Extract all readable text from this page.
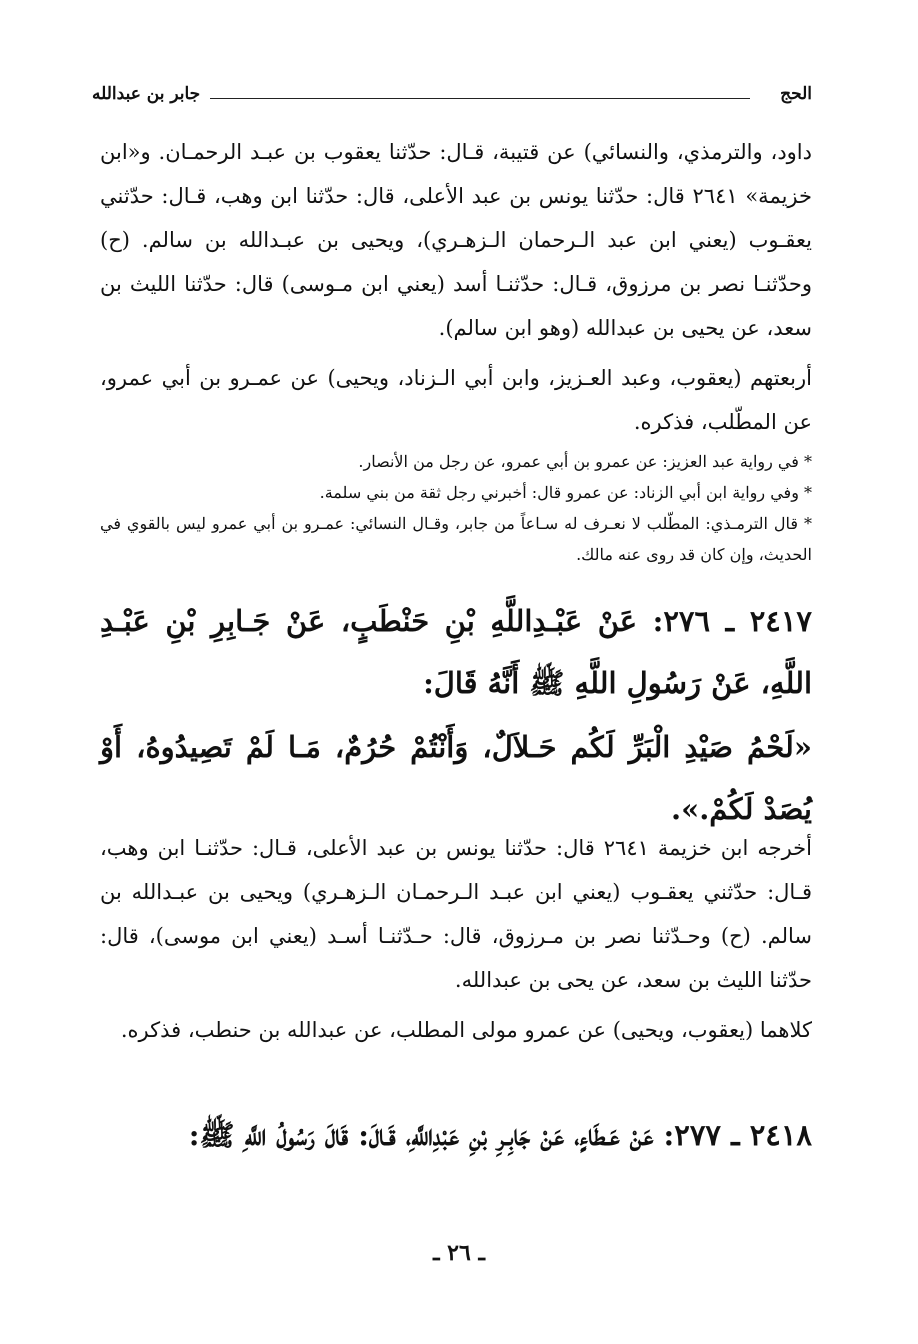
الحج
جابر بن عبدالله
داود، والترمذي، والنسائي) عن قتيبة، قـال: حدّثنا يعقوب بن عبـد الرحمـان. و«ابن خزيمة» ٢٦٤١ قال: حدّثنا يونس بن عبد الأعلى، قال: حدّثنا ابن وهب، قـال: حدّثني يعقـوب (يعني ابن عبد الـرحمان الـزهـري)، ويحيى بن عبـدالله بن سالم. (ح) وحدّثنـا نصر بن مرزوق، قـال: حدّثنـا أسد (يعني ابن مـوسى) قال: حدّثنا الليث بن سعد، عن يحيى بن عبدالله (وهو ابن سالم).
أربعتهم (يعقوب، وعبد العـزيز، وابن أبي الـزناد، ويحيى) عن عمـرو بن أبي عمرو، عن المطّلب، فذكره.
* في رواية عبد العزيز: عن عمرو بن أبي عمرو، عن رجل من الأنصار.
* وفي رواية ابن أبي الزناد: عن عمرو قال: أخبرني رجل ثقة من بني سلمة.
* قال الترمـذي: المطّلب لا نعـرف له سـاعاً من جابر، وقـال النسائي: عمـرو بن أبي عمرو ليس بالقوي في الحديث، وإن كان قد روى عنه مالك.
٢٤١٧ ـ ٢٧٦: عَنْ عَبْـدِاللَّهِ بْنِ حَنْطَبٍ، عَنْ جَـابِرِ بْنِ عَبْـدِ اللَّهِ، عَنْ رَسُولِ اللَّهِ ﷺ أَنَّهُ قَالَ:
«لَحْمُ صَيْدِ الْبَرِّ لَكُم حَـلاَلٌ، وَأَنْتُمْ حُرُمٌ، مَـا لَمْ تَصِيدُوهُ، أَوْ يُصَدْ لَكُمْ.».
أخرجه ابن خزيمة ٢٦٤١ قال: حدّثنا يونس بن عبد الأعلى، قـال: حدّثنـا ابن وهب، قـال: حدّثني يعقـوب (يعني ابن عبـد الـرحمـان الـزهـري) ويحيى بن عبـدالله بن سالم. (ح) وحـدّثنا نصر بن مـرزوق، قال: حـدّثنـا أسـد (يعني ابن موسى)، قال: حدّثنا الليث بن سعد، عن يحى بن عبدالله.
كلاهما (يعقوب، ويحيى) عن عمرو مولى المطلب، عن عبدالله بن حنطب، فذكره.
٢٤١٨ ـ ٢٧٧: عَنْ عَـطَاءٍ، عَنْ جَابِـرِ بْنِ عَبْدِاللَّهِ، قَـالَ: قَالَ رَسُولُ اللَّهِ ﷺ:
ـ ٢٦ ـ
